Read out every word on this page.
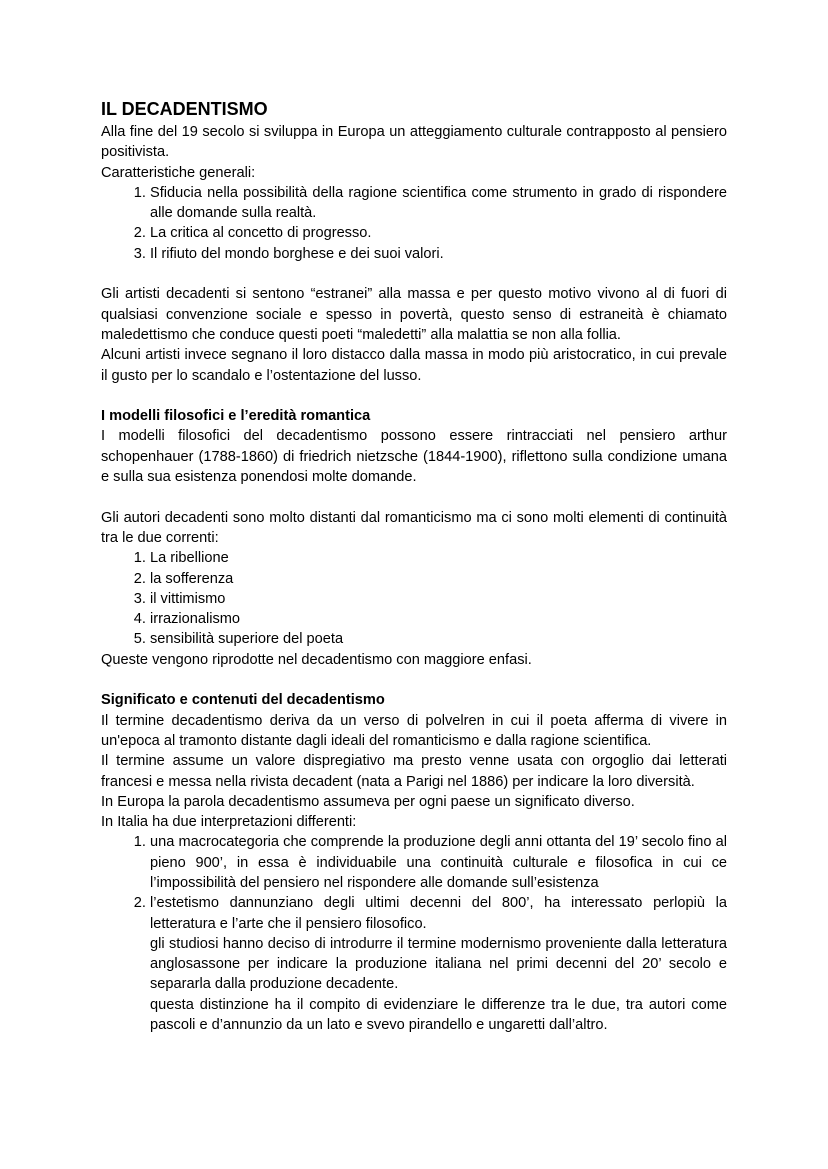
IL DECADENTISMO

Alla fine del 19 secolo si sviluppa in Europa un atteggiamento culturale contrapposto al pensiero positivista.

Caratteristiche generali:

1. Sfiducia nella possibilità della ragione scientifica come strumento in grado di rispondere alle domande sulla realtà.
2. La critica al concetto di progresso.
3. Il rifiuto del mondo borghese e dei suoi valori.

Gli artisti decadenti si sentono “estranei” alla massa e per questo motivo vivono al di fuori di qualsiasi convenzione sociale e spesso in povertà, questo senso di estraneità è chiamato maledettismo che conduce questi poeti “maledetti” alla malattia se non alla follia.

Alcuni artisti invece segnano il loro distacco dalla massa in modo più aristocratico, in cui prevale il gusto per lo scandalo e l’ostentazione del lusso.

I modelli filosofici e l’eredità romantica

I modelli filosofici del decadentismo possono essere rintracciati nel pensiero arthur schopenhauer (1788-1860) di friedrich nietzsche (1844-1900), riflettono sulla condizione umana e sulla sua esistenza ponendosi molte domande.

Gli autori decadenti sono molto distanti dal romanticismo ma ci sono molti elementi di continuità tra le due correnti:

1. La ribellione
2. la sofferenza
3. il vittimismo
4. irrazionalismo
5. sensibilità superiore del poeta

Queste vengono riprodotte nel decadentismo con maggiore enfasi.

Significato e contenuti del decadentismo

Il termine decadentismo deriva da un verso di polvelren in cui il poeta afferma di vivere in un'epoca al tramonto distante dagli ideali del romanticismo e dalla ragione scientifica.

Il termine assume un valore dispregiativo ma presto venne usata con orgoglio dai letterati francesi e messa nella rivista decadent (nata a Parigi nel 1886) per indicare la loro diversità.

In Europa la parola decadentismo assumeva per ogni paese un significato diverso.

In Italia ha due interpretazioni differenti:

1. una macrocategoria che comprende la produzione degli anni ottanta del 19’ secolo fino al pieno 900’, in essa è individuabile una continuità culturale e filosofica in cui ce l’impossibilità del pensiero nel rispondere alle domande sull’esistenza
2. l’estetismo dannunziano degli ultimi decenni del 800’, ha interessato perlopiù la letteratura e l’arte che il pensiero filosofico.
gli studiosi hanno deciso di introdurre il termine modernismo proveniente dalla letteratura anglosassone per indicare la produzione italiana nel primi decenni del 20’ secolo e separarla dalla produzione decadente.
questa distinzione ha il compito di evidenziare le differenze tra le due, tra autori come pascoli e d’annunzio da un lato e svevo pirandello e ungaretti dall’altro.
